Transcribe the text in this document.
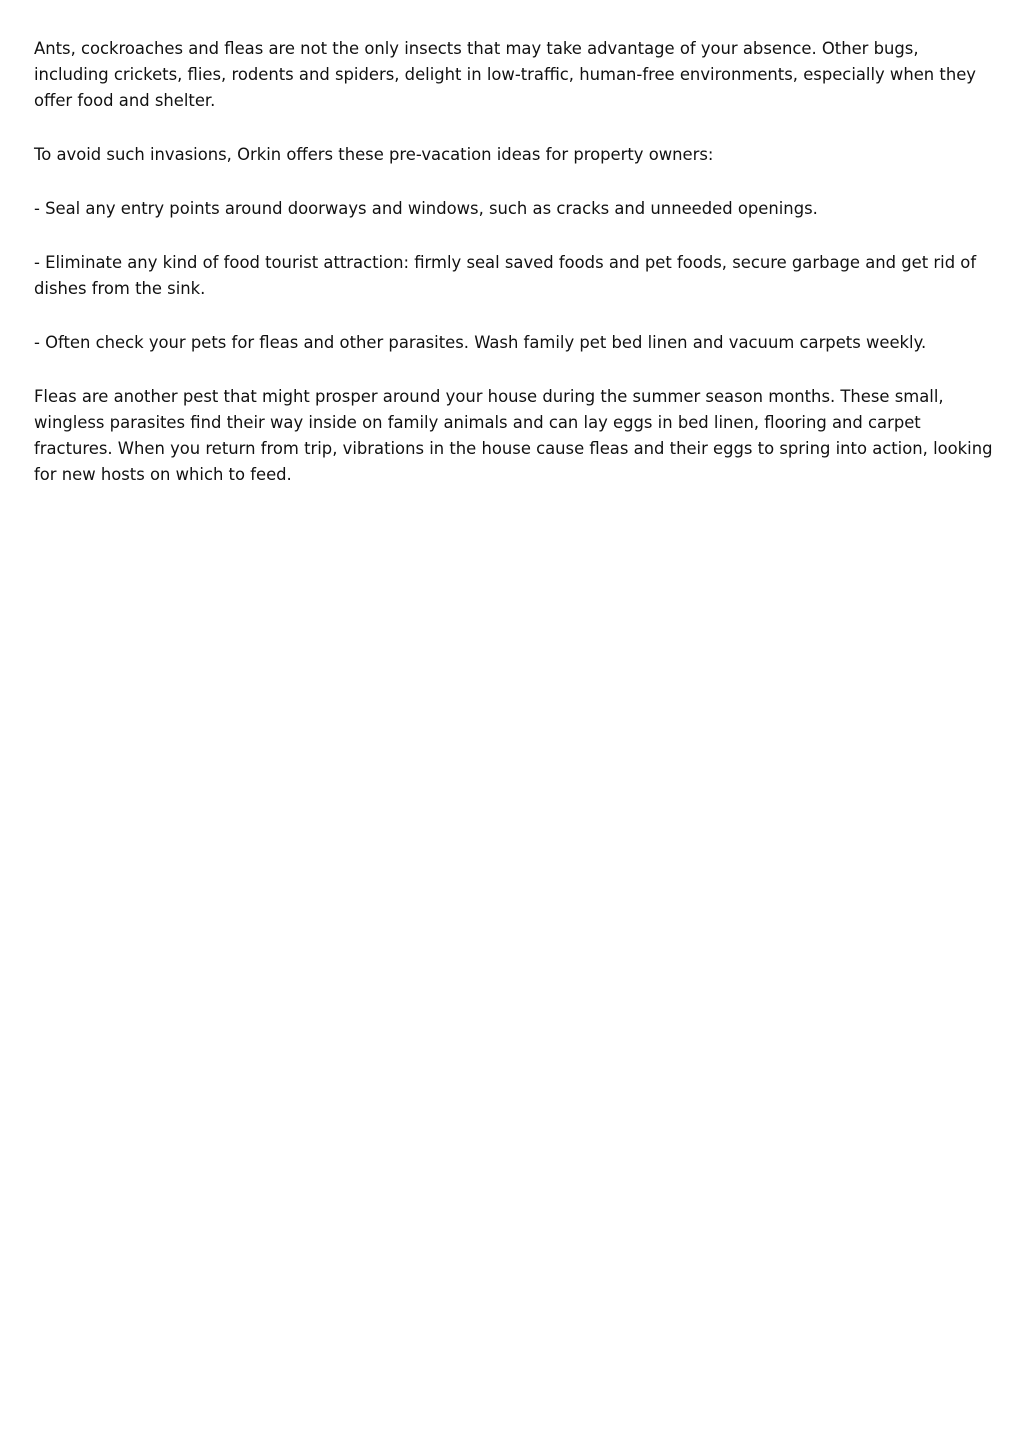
Ants, cockroaches and fleas are not the only insects that may take advantage of your absence. Other bugs, including crickets, flies, rodents and spiders, delight in low-traffic, human-free environments, especially when they offer food and shelter.

To avoid such invasions, Orkin offers these pre-vacation ideas for property owners:

- Seal any entry points around doorways and windows, such as cracks and unneeded openings.

- Eliminate any kind of food tourist attraction: firmly seal saved foods and pet foods, secure garbage and get rid of dishes from the sink.

- Often check your pets for fleas and other parasites. Wash family pet bed linen and vacuum carpets weekly.

Fleas are another pest that might prosper around your house during the summer season months. These small, wingless parasites find their way inside on family animals and can lay eggs in bed linen, flooring and carpet fractures. When you return from trip, vibrations in the house cause fleas and their eggs to spring into action, looking for new hosts on which to feed.
